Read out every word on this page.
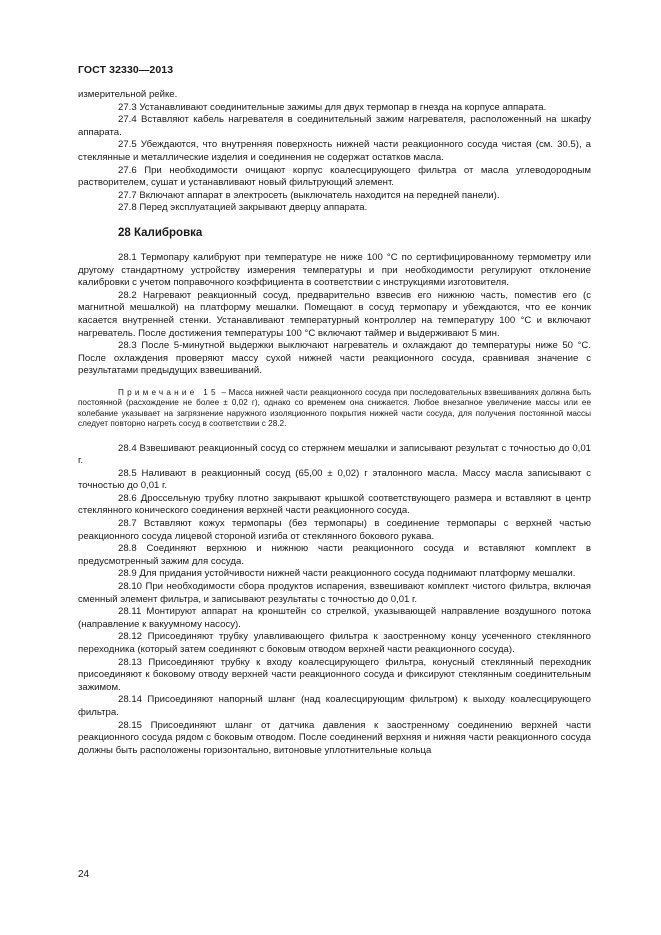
ГОСТ 32330—2013

измерительной рейке.

27.3 Устанавливают соединительные зажимы для двух термопар в гнезда на корпусе аппарата.

27.4 Вставляют кабель нагревателя в соединительный зажим нагревателя, расположенный на шкафу аппарата.

27.5 Убеждаются, что внутренняя поверхность нижней части реакционного сосуда чистая (см. 30.5), а стеклянные и металлические изделия и соединения не содержат остатков масла.

27.6 При необходимости очищают корпус коалесцирующего фильтра от масла углеводородным растворителем, сушат и устанавливают новый фильтрующий элемент.

27.7 Включают аппарат в электросеть (выключатель находится на передней панели).

27.8 Перед эксплуатацией закрывают дверцу аппарата.

28 Калибровка

28.1 Термопару калибруют при температуре не ниже 100 °С по сертифицированному термометру или другому стандартному устройству измерения температуры и при необходимости регулируют отклонение калибровки с учетом поправочного коэффициента в соответствии с инструкциями изготовителя.

28.2 Нагревают реакционный сосуд, предварительно взвесив его нижнюю часть, поместив его (с магнитной мешалкой) на платформу мешалки. Помещают в сосуд термопару и убеждаются, что ее кончик касается внутренней стенки. Устанавливают температурный контроллер на температуру 100 °С и включают нагреватель. После достижения температуры 100 °С включают таймер и выдерживают 5 мин.

28.3 После 5-минутной выдержки выключают нагреватель и охлаждают до температуры ниже 50 °С. После охлаждения проверяют массу сухой нижней части реакционного сосуда, сравнивая значение с результатами предыдущих взвешиваний.

Примечание 15 – Масса нижней части реакционного сосуда при последовательных взвешиваниях должна быть постоянной (расхождение не более ± 0,02 г), однако со временем она снижается. Любое внезапное увеличение массы или ее колебание указывает на загрязнение наружного изоляционного покрытия нижней части сосуда, для получения постоянной массы следует повторно нагреть сосуд в соответствии с 28.2.

28.4 Взвешивают реакционный сосуд со стержнем мешалки и записывают результат с точностью до 0,01 г.

28.5 Наливают в реакционный сосуд (65,00 ± 0,02) г эталонного масла. Массу масла записывают с точностью до 0,01 г.

28.6 Дроссельную трубку плотно закрывают крышкой соответствующего размера и вставляют в центр стеклянного конического соединения верхней части реакционного сосуда.

28.7 Вставляют кожух термопары (без термопары) в соединение термопары с верхней частью реакционного сосуда лицевой стороной изгиба от стеклянного бокового рукава.

28.8 Соединяют верхнюю и нижнюю части реакционного сосуда и вставляют комплект в предусмотренный зажим для сосуда.

28.9 Для придания устойчивости нижней части реакционного сосуда поднимают платформу мешалки.

28.10 При необходимости сбора продуктов испарения, взвешивают комплект чистого фильтра, включая сменный элемент фильтра, и записывают результаты с точностью до 0,01 г.

28.11 Монтируют аппарат на кронштейн со стрелкой, указывающей направление воздушного потока (направление к вакуумному насосу).

28.12 Присоединяют трубку улавливающего фильтра к заостренному концу усеченного стеклянного переходника (который затем соединяют с боковым отводом верхней части реакционного сосуда).

28.13 Присоединяют трубку к входу коалесцирующего фильтра, конусный стеклянный переходник присоединяют к боковому отводу верхней части реакционного сосуда и фиксируют стеклянным соединительным зажимом.

28.14 Присоединяют напорный шланг (над коалесцирующим фильтром) к выходу коалесцирующего фильтра.

28.15 Присоединяют шланг от датчика давления к заостренному соединению верхней части реакционного сосуда рядом с боковым отводом. После соединений верхняя и нижняя части реакционного сосуда должны быть расположены горизонтально, витоновые уплотнительные кольца

24
